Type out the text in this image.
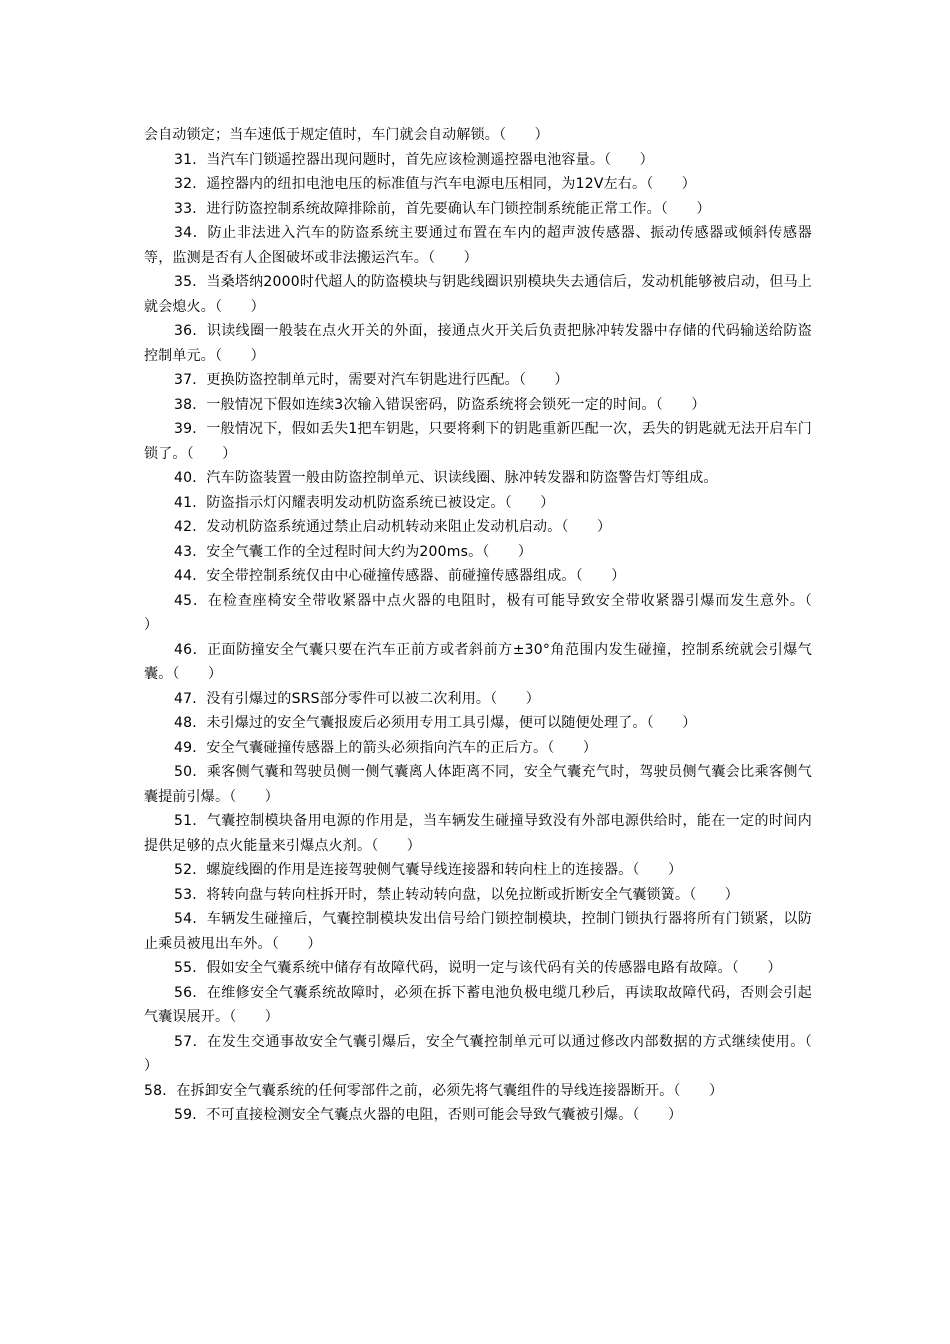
会自动锁定；当车速低于规定值时，车门就会自动解锁。（　　）

31．当汽车门锁遥控器出现问题时，首先应该检测遥控器电池容量。（　　）

32．遥控器内的纽扣电池电压的标准值与汽车电源电压相同，为12V左右。（　　）

33．进行防盗控制系统故障排除前，首先要确认车门锁控制系统能正常工作。（　　）

34．防止非法进入汽车的防盗系统主要通过布置在车内的超声波传感器、振动传感器或倾斜传感器等，监测是否有人企图破坏或非法搬运汽车。（　　）

35．当桑塔纳2000时代超人的防盗模块与钥匙线圈识别模块失去通信后，发动机能够被启动，但马上就会熄火。（　　）

36．识读线圈一般装在点火开关的外面，接通点火开关后负责把脉冲转发器中存储的代码输送给防盗控制单元。（　　）

37．更换防盗控制单元时，需要对汽车钥匙进行匹配。（　　）

38．一般情况下假如连续3次输入错误密码，防盗系统将会锁死一定的时间。（　　）

39．一般情况下，假如丢失1把车钥匙，只要将剩下的钥匙重新匹配一次，丢失的钥匙就无法开启车门锁了。（　　）

40．汽车防盗装置一般由防盗控制单元、识读线圈、脉冲转发器和防盗警告灯等组成。

41．防盗指示灯闪耀表明发动机防盗系统已被设定。（　　）

42．发动机防盗系统通过禁止启动机转动来阻止发动机启动。（　　）

43．安全气囊工作的全过程时间大约为200ms。（　　）

44．安全带控制系统仅由中心碰撞传感器、前碰撞传感器组成。（　　）

45．在检查座椅安全带收紧器中点火器的电阻时，极有可能导致安全带收紧器引爆而发生意外。（　　）

46．正面防撞安全气囊只要在汽车正前方或者斜前方±30°角范围内发生碰撞，控制系统就会引爆气囊。（　　）

47．没有引爆过的SRS部分零件可以被二次利用。（　　）

48．未引爆过的安全气囊报废后必须用专用工具引爆，便可以随便处理了。（　　）

49．安全气囊碰撞传感器上的箭头必须指向汽车的正后方。（　　）

50．乘客侧气囊和驾驶员侧一侧气囊离人体距离不同，安全气囊充气时，驾驶员侧气囊会比乘客侧气囊提前引爆。（　　）

51．气囊控制模块备用电源的作用是，当车辆发生碰撞导致没有外部电源供给时，能在一定的时间内提供足够的点火能量来引爆点火剂。（　　）

52．螺旋线圈的作用是连接驾驶侧气囊导线连接器和转向柱上的连接器。（　　）

53．将转向盘与转向柱拆开时，禁止转动转向盘，以免拉断或折断安全气囊锁簧。（　　）

54．车辆发生碰撞后，气囊控制模块发出信号给门锁控制模块，控制门锁执行器将所有门锁紧，以防止乘员被甩出车外。（　　）

55．假如安全气囊系统中储存有故障代码，说明一定与该代码有关的传感器电路有故障。（　　）

56．在维修安全气囊系统故障时，必须在拆下蓄电池负极电缆几秒后，再读取故障代码，否则会引起气囊误展开。（　　）

57．在发生交通事故安全气囊引爆后，安全气囊控制单元可以通过修改内部数据的方式继续使用。（　　）

58．在拆卸安全气囊系统的任何零部件之前，必须先将气囊组件的导线连接器断开。（　　）

59．不可直接检测安全气囊点火器的电阻，否则可能会导致气囊被引爆。（　　）
